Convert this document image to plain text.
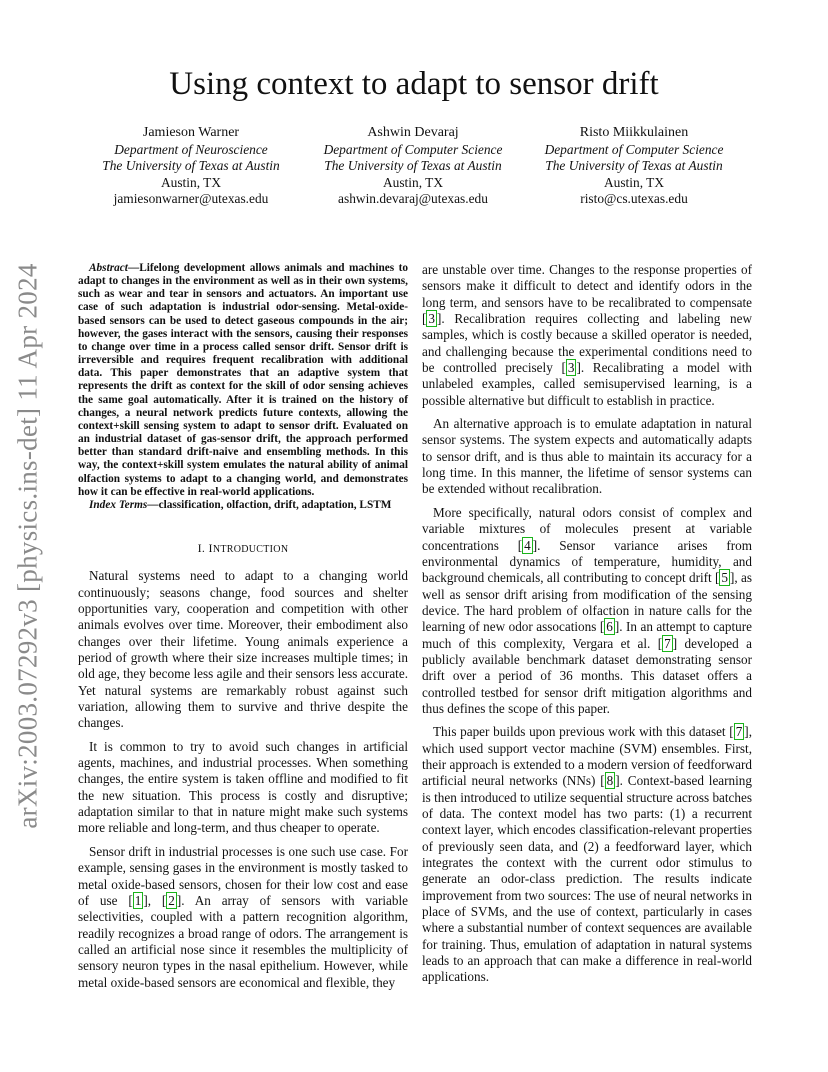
arXiv:2003.07292v3 [physics.ins-det] 11 Apr 2024
Using context to adapt to sensor drift
Jamieson Warner
Department of Neuroscience
The University of Texas at Austin
Austin, TX
jamiesonwarner@utexas.edu
Ashwin Devaraj
Department of Computer Science
The University of Texas at Austin
Austin, TX
ashwin.devaraj@utexas.edu
Risto Miikkulainen
Department of Computer Science
The University of Texas at Austin
Austin, TX
risto@cs.utexas.edu

Abstract—Lifelong development allows animals and machines to adapt to changes in the environment as well as in their own systems, such as wear and tear in sensors and actuators. An important use case of such adaptation is industrial odor-sensing. Metal-oxide-based sensors can be used to detect gaseous compounds in the air; however, the gases interact with the sensors, causing their responses to change over time in a process called sensor drift. Sensor drift is irreversible and requires frequent recalibration with additional data. This paper demonstrates that an adaptive system that represents the drift as context for the skill of odor sensing achieves the same goal automatically. After it is trained on the history of changes, a neural network predicts future contexts, allowing the context+skill sensing system to adapt to sensor drift. Evaluated on an industrial dataset of gas-sensor drift, the approach performed better than standard drift-naive and ensembling methods. In this way, the context+skill system emulates the natural ability of animal olfaction systems to adapt to a changing world, and demonstrates how it can be effective in real-world applications.

Index Terms—classification, olfaction, drift, adaptation, LSTM

I. INTRODUCTION

Natural systems need to adapt to a changing world continuously; seasons change, food sources and shelter opportunities vary, cooperation and competition with other animals evolves over time. Moreover, their embodiment also changes over their lifetime. Young animals experience a period of growth where their size increases multiple times; in old age, they become less agile and their sensors less accurate. Yet natural systems are remarkably robust against such variation, allowing them to survive and thrive despite the changes.

It is common to try to avoid such changes in artificial agents, machines, and industrial processes. When something changes, the entire system is taken offline and modified to fit the new situation. This process is costly and disruptive; adaptation similar to that in nature might make such systems more reliable and long-term, and thus cheaper to operate.

Sensor drift in industrial processes is one such use case. For example, sensing gases in the environment is mostly tasked to metal oxide-based sensors, chosen for their low cost and ease of use [ 1 ], [ 2 ]. An array of sensors with variable selectivities, coupled with a pattern recognition algorithm, readily recognizes a broad range of odors. The arrangement is called an artificial nose since it resembles the multiplicity of sensory neuron types in the nasal epithelium. However, while metal oxide-based sensors are economical and flexible, they

are unstable over time. Changes to the response properties of sensors make it difficult to detect and identify odors in the long term, and sensors have to be recalibrated to compensate [ 3 ]. Recalibration requires collecting and labeling new samples, which is costly because a skilled operator is needed, and challenging because the experimental conditions need to be controlled precisely [ 3 ]. Recalibrating a model with unlabeled examples, called semisupervised learning, is a possible alternative but difficult to establish in practice.

An alternative approach is to emulate adaptation in natural sensor systems. The system expects and automatically adapts to sensor drift, and is thus able to maintain its accuracy for a long time. In this manner, the lifetime of sensor systems can be extended without recalibration.

More specifically, natural odors consist of complex and variable mixtures of molecules present at variable concentrations [ 4 ]. Sensor variance arises from environmental dynamics of temperature, humidity, and background chemicals, all contributing to concept drift [ 5 ], as well as sensor drift arising from modification of the sensing device. The hard problem of olfaction in nature calls for the learning of new odor assocations [ 6 ]. In an attempt to capture much of this complexity, Vergara et al. [ 7 ] developed a publicly available benchmark dataset demonstrating sensor drift over a period of 36 months. This dataset offers a controlled testbed for sensor drift mitigation algorithms and thus defines the scope of this paper.

This paper builds upon previous work with this dataset [ 7 ], which used support vector machine (SVM) ensembles. First, their approach is extended to a modern version of feedforward artificial neural networks (NNs) [ 8 ]. Context-based learning is then introduced to utilize sequential structure across batches of data. The context model has two parts: (1) a recurrent context layer, which encodes classification-relevant properties of previously seen data, and (2) a feedforward layer, which integrates the context with the current odor stimulus to generate an odor-class prediction. The results indicate improvement from two sources: The use of neural networks in place of SVMs, and the use of context, particularly in cases where a substantial number of context sequences are available for training. Thus, emulation of adaptation in natural systems leads to an approach that can make a difference in real-world applications.
